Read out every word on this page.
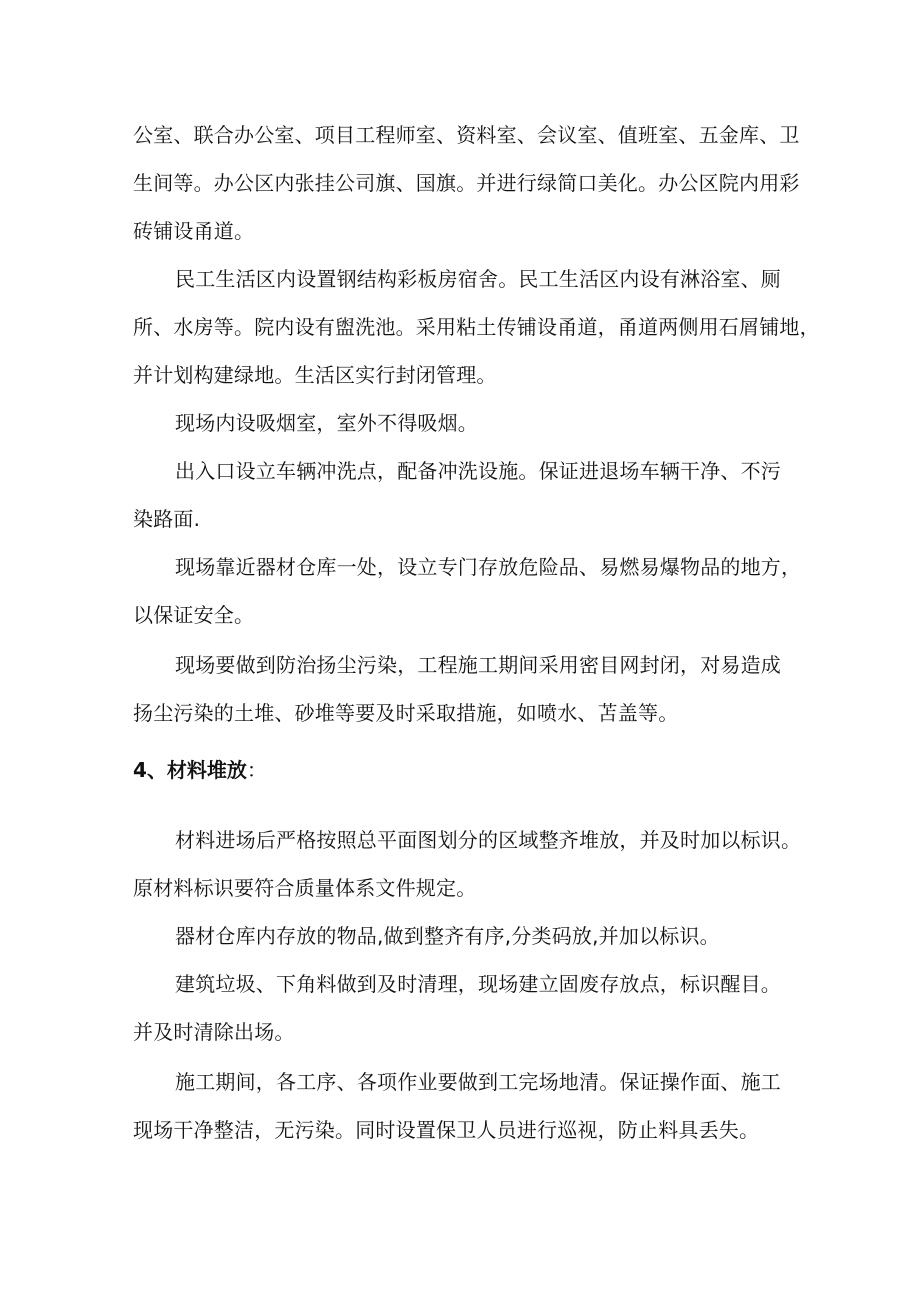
公室、联合办公室、项目工程师室、资料室、会议室、值班室、五金库、卫
生间等。办公区内张挂公司旗、国旗。并进行绿简口美化。办公区院内用彩
砖铺设甬道。
民工生活区内设置钢结构彩板房宿舍。民工生活区内设有淋浴室、厕
所、水房等。院内设有盥洗池。采用粘土传铺设甬道，甬道两侧用石屑铺地，
并计划构建绿地。生活区实行封闭管理。
现场内设吸烟室，室外不得吸烟。
出入口设立车辆冲洗点，配备冲洗设施。保证进退场车辆干净、不污
染路面.
现场靠近器材仓库一处，设立专门存放危险品、易燃易爆物品的地方，
以保证安全。
现场要做到防治扬尘污染，工程施工期间采用密目网封闭，对易造成
扬尘污染的土堆、砂堆等要及时采取措施，如喷水、苫盖等。
4、材料堆放：
材料进场后严格按照总平面图划分的区域整齐堆放，并及时加以标识。
原材料标识要符合质量体系文件规定。
器材仓库内存放的物品,做到整齐有序,分类码放,并加以标识。
建筑垃圾、下角料做到及时清理，现场建立固废存放点，标识醒目。
并及时清除出场。
施工期间，各工序、各项作业要做到工完场地清。保证操作面、施工
现场干净整洁，无污染。同时设置保卫人员进行巡视，防止料具丢失。
